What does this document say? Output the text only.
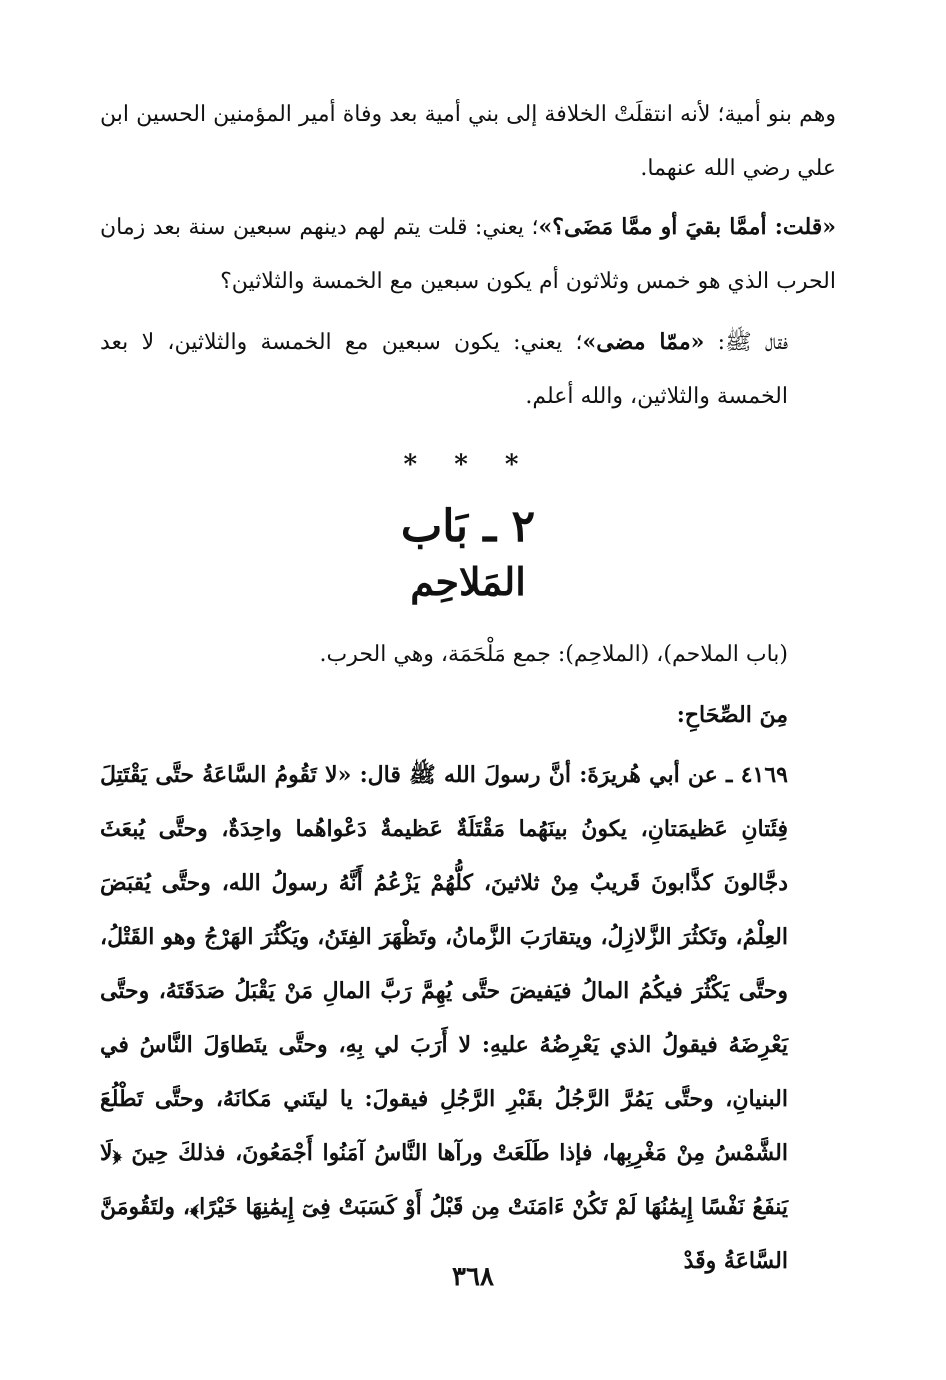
وهم بنو أمية؛ لأنه انتقلَتْ الخلافة إلى بني أمية بعد وفاة أمير المؤمنين الحسين ابن علي رضي الله عنهما.

«قلت: أممَّا بقيَ أو ممَّا مَضَى؟»؛ يعني: قلت يتم لهم دينهم سبعين سنة بعد زمان الحرب الذي هو خمس وثلاثون أم يكون سبعين مع الخمسة والثلاثين؟

فقال ﷺ: «ممّا مضى»؛ يعني: يكون سبعين مع الخمسة والثلاثين، لا بعد الخمسة والثلاثين، والله أعلم.

* * *
٢ ـ بَاب
المَلاحِم

(باب الملاحم)، (الملاحِم): جمع مَلْحَمَة، وهي الحرب.

مِنَ الصِّحَاحِ:

٤١٦٩ ـ عن أبي هُريرَةَ: أنَّ رسولَ الله ﷺ قال: «لا تَقُومُ السَّاعَةُ حتَّى يَقْتَتِلَ فِئَتانِ عَظيمَتانِ، يكونُ بينَهُما مَقْتَلَةٌ عَظيمةٌ دَعْواهُما واحِدَةٌ، وحتَّى يُبعَثَ دجَّالونَ كذَّابونَ قَريبٌ مِنْ ثلاثينَ، كلُّهُمْ يَزْعُمُ أَنَّهُ رسولُ الله، وحتَّى يُقبَضَ العِلْمُ، وتَكثُرَ الزَّلازِلُ، ويتقارَبَ الزَّمانُ، وتَظْهَرَ الفِتَنُ، ويَكْثُرَ الهَرْجُ وهو القَتْلُ، وحتَّى يَكْثُرَ فيكُمُ المالُ فيَفيضَ حتَّى يُهِمَّ رَبَّ المالِ مَنْ يَقْبَلُ صَدَقَتَهُ، وحتَّى يَعْرِضَهُ فيقولُ الذي يَعْرِضُهُ عليهِ: لا أَرَبَ لي بِهِ، وحتَّى يتَطاوَلَ النَّاسُ في البنيانِ، وحتَّى يَمُرَّ الرَّجُلُ بقَبْرِ الرَّجُلِ فيقولَ: يا ليتَني مَكانَهُ، وحتَّى تَطْلُعَ الشَّمْسُ مِنْ مَغْرِبِها، فإذا طَلَعَتْ ورآها النَّاسُ آمَنُوا أَجْمَعُونَ، فذلكَ حِينَ ﴿لَا يَنفَعُ نَفْسًا إِيمَٰنُهَا لَمْ تَكُنْ ءَامَنَتْ مِن قَبْلُ أَوْ كَسَبَتْ فِىٓ إِيمَٰنِهَا خَيْرًا﴾، ولتَقُومَنَّ السَّاعَةُ وقَدْ

٣٦٨
